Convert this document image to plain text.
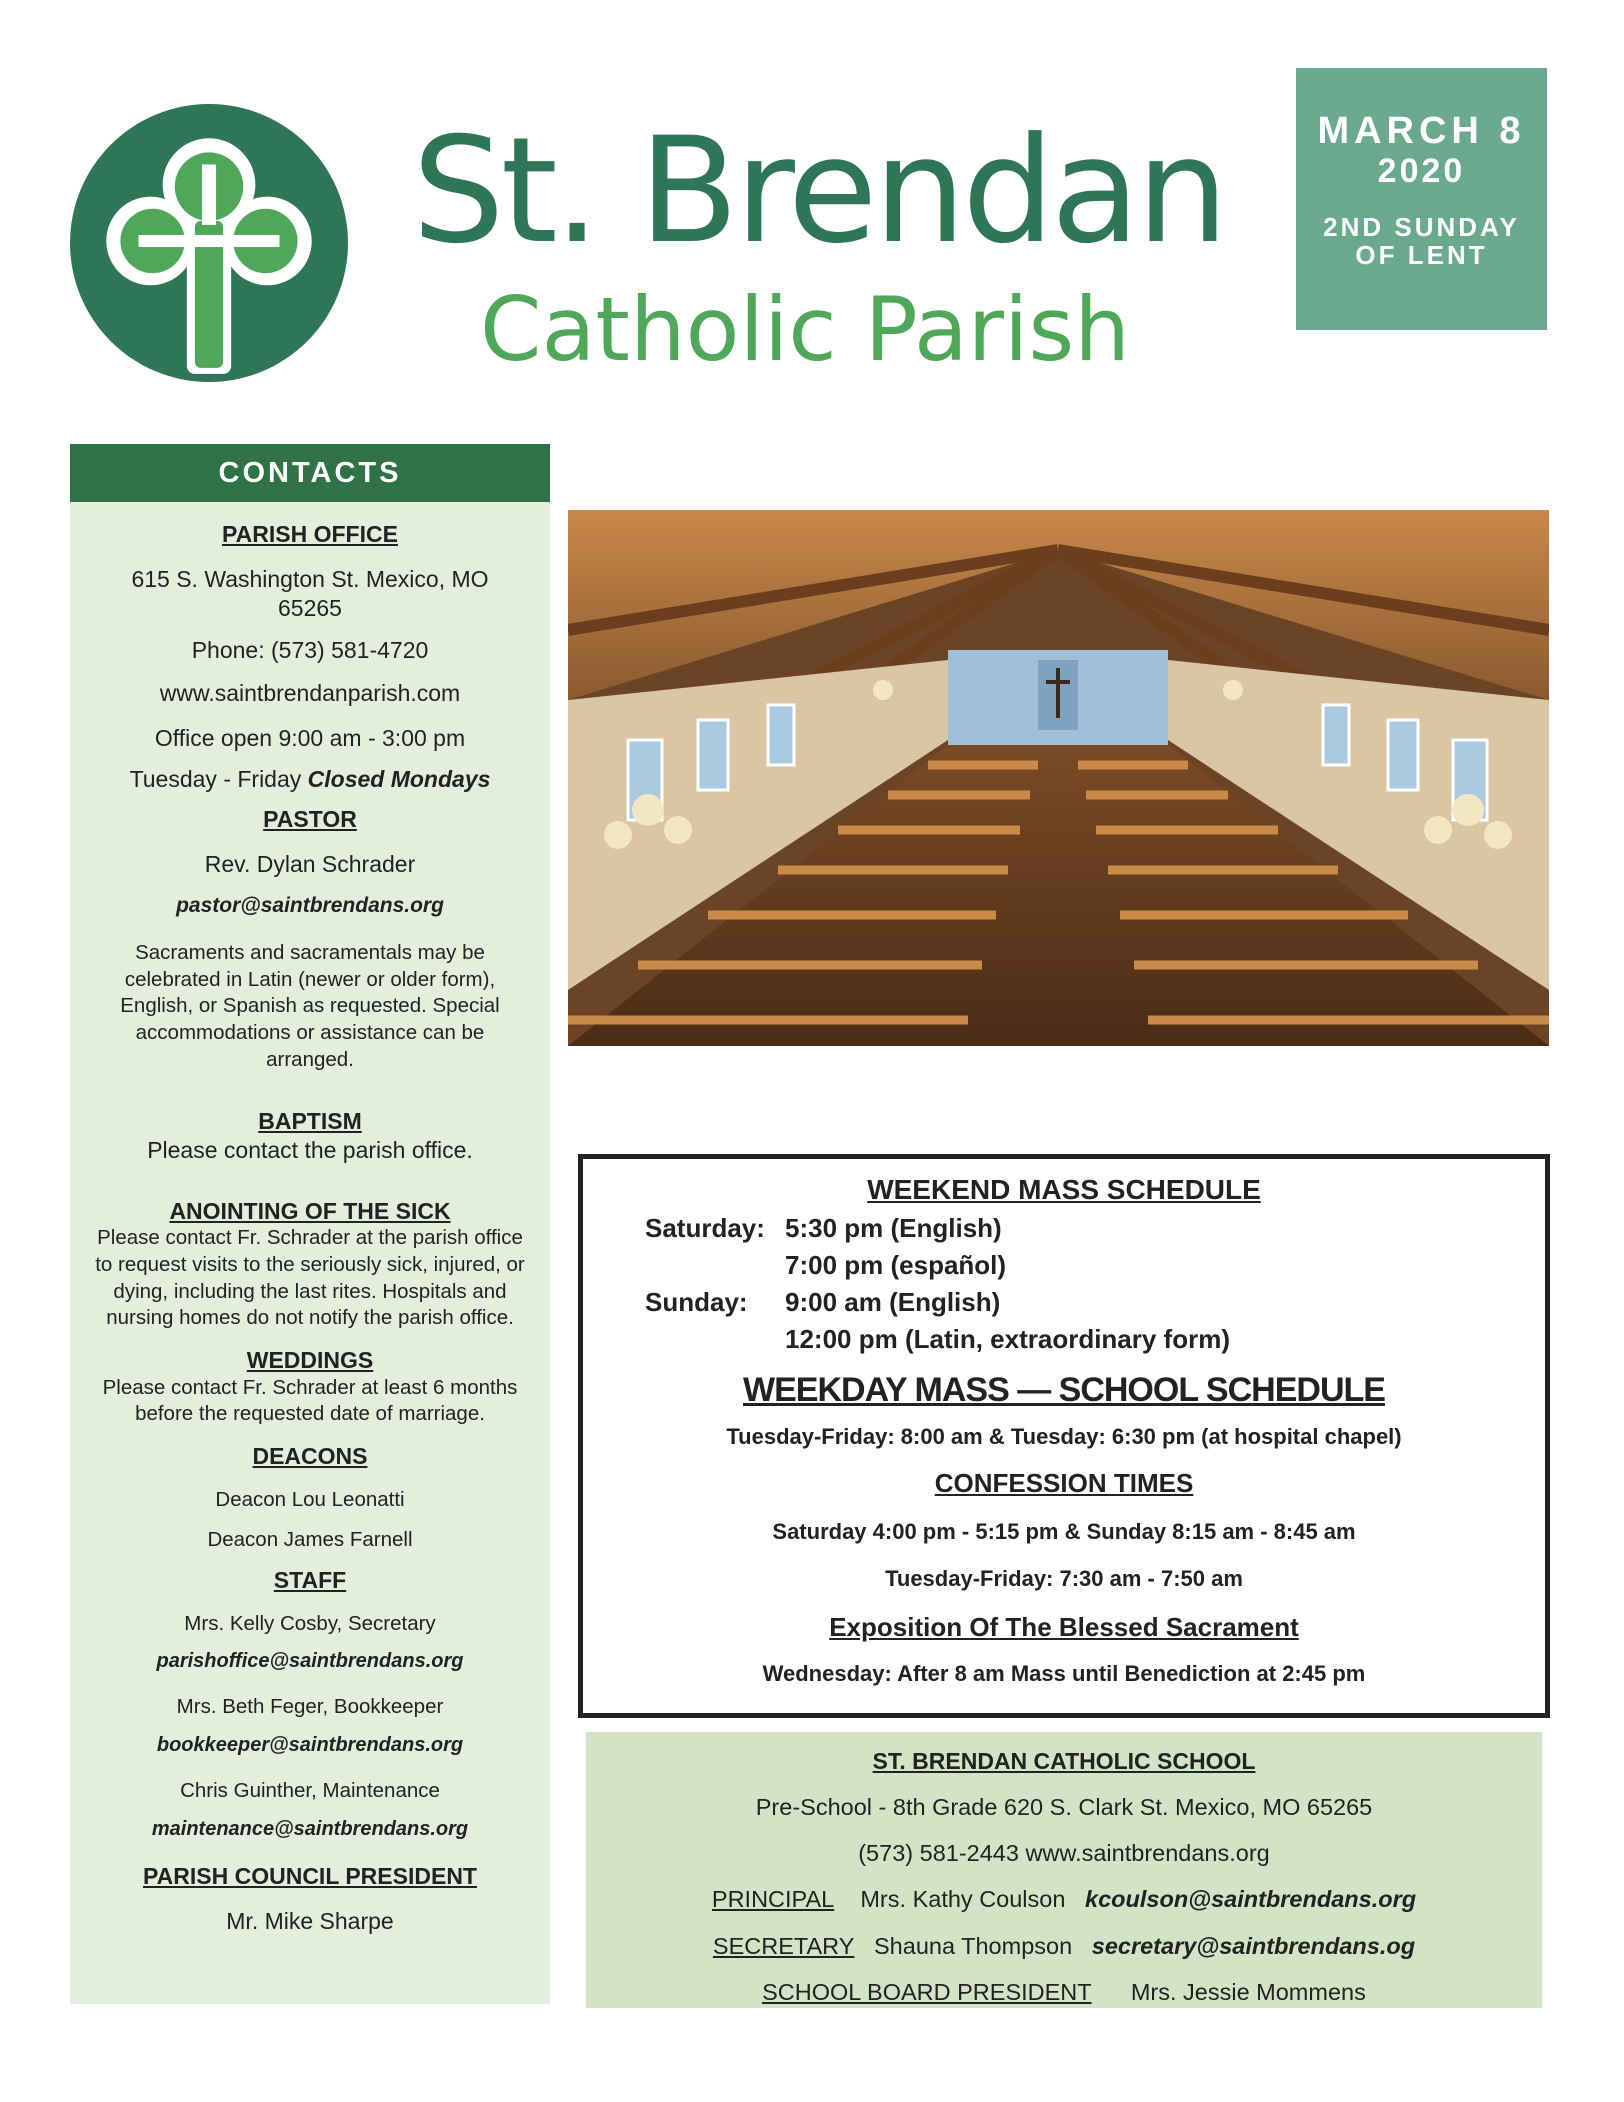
St. Brendan
Catholic Parish
MARCH 8
2020
2ND SUNDAY
OF LENT
CONTACTS
PARISH OFFICE

615 S. Washington St. Mexico, MO 65265

Phone: (573) 581-4720

www.saintbrendanparish.com

Office open 9:00 am - 3:00 pm

Tuesday - Friday Closed Mondays

PASTOR

Rev. Dylan Schrader

pastor@saintbrendans.org

Sacraments and sacramentals may be celebrated in Latin (newer or older form), English, or Spanish as requested. Special accommodations or assistance can be arranged.

BAPTISM

Please contact the parish office.

ANOINTING OF THE SICK

Please contact Fr. Schrader at the parish office to request visits to the seriously sick, injured, or dying, including the last rites. Hospitals and nursing homes do not notify the parish office.

WEDDINGS

Please contact Fr. Schrader at least 6 months before the requested date of marriage.

DEACONS

Deacon Lou Leonatti

Deacon James Farnell

STAFF

Mrs. Kelly Cosby, Secretary

parishoffice@saintbrendans.org

Mrs. Beth Feger, Bookkeeper

bookkeeper@saintbrendans.org

Chris Guinther, Maintenance

maintenance@saintbrendans.org

PARISH COUNCIL PRESIDENT

Mr. Mike Sharpe

WEEKEND MASS SCHEDULE
Saturday: 5:30 pm (English)
7:00 pm (español)
Sunday: 9:00 am (English)
12:00 pm (Latin, extraordinary form)
WEEKDAY MASS — SCHOOL SCHEDULE
Tuesday-Friday: 8:00 am & Tuesday: 6:30 pm (at hospital chapel)
CONFESSION TIMES
Saturday 4:00 pm - 5:15 pm & Sunday 8:15 am - 8:45 am
Tuesday-Friday: 7:30 am - 7:50 am
Exposition Of The Blessed Sacrament
Wednesday: After 8 am Mass until Benediction at 2:45 pm
ST. BRENDAN CATHOLIC SCHOOL
Pre-School - 8th Grade 620 S. Clark St. Mexico, MO 65265
(573) 581-2443 www.saintbrendans.org
PRINCIPAL Mrs. Kathy Coulson kcoulson@saintbrendans.org
SECRETARY Shauna Thompson secretary@saintbrendans.og
SCHOOL BOARD PRESIDENT Mrs. Jessie Mommens
